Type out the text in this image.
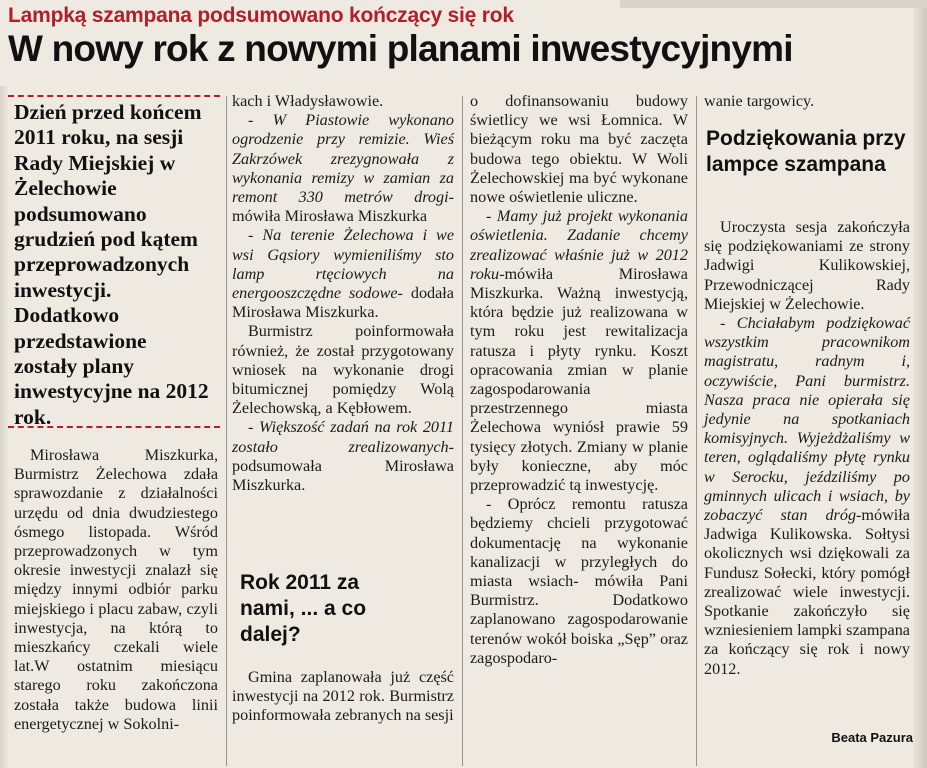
Lampką szampana podsumowano kończący się rok
W nowy rok z nowymi planami inwestycyjnymi
Dzień przed końcem 2011 roku, na sesji Rady Miejskiej w Żelechowie podsumowano grudzień pod kątem przeprowadzonych inwestycji. Dodatkowo przedstawione zostały plany inwestycyjne na 2012 rok.

Mirosława Miszkurka, Burmistrz Żelechowa zdała sprawozdanie z działalności urzędu od dnia dwudziestego ósmego listopada. Wśród przeprowadzonych w tym okresie inwestycji znalazł się między innymi odbiór parku miejskiego i placu zabaw, czyli inwestycja, na którą to mieszkańcy czekali wiele lat.W ostatnim miesiącu starego roku zakończona została także budowa linii energetycznej w Sokolni-

kach i Władysławowie.

- W Piastowie wykonano ogrodzenie przy remizie. Wieś Zakrzówek zrezygnowała z wykonania remizy w zamian za remont 330 metrów drogi- mówiła Mirosława Miszkurka

- Na terenie Żelechowa i we wsi Gąsiory wymieniliśmy sto lamp rtęciowych na energooszczędne sodowe- dodała Mirosława Miszkurka.

Burmistrz poinformowała również, że został przygotowany wniosek na wykonanie drogi bitumicznej pomiędzy Wolą Żelechowską, a Kębłowem.

- Większość zadań na rok 2011 zostało zrealizowanych- podsumowała Mirosława Miszkurka.

Rok 2011 za nami, ... a co dalej?

Gmina zaplanowała już część inwestycji na 2012 rok. Burmistrz poinformowała zebranych na sesji

o dofinansowaniu budowy świetlicy we wsi Łomnica. W bieżącym roku ma być zaczęta budowa tego obiektu. W Woli Żelechowskiej ma być wykonane nowe oświetlenie uliczne.

- Mamy już projekt wykonania oświetlenia. Zadanie chcemy zrealizować właśnie już w 2012 roku-mówiła Mirosława Miszkurka. Ważną inwestycją, która będzie już realizowana w tym roku jest rewitalizacja ratusza i płyty rynku. Koszt opracowania zmian w planie zagospodarowania przestrzennego miasta Żelechowa wyniósł prawie 59 tysięcy złotych. Zmiany w planie były konieczne, aby móc przeprowadzić tą inwestycję.

- Oprócz remontu ratusza będziemy chcieli przygotować dokumentację na wykonanie kanalizacji w przyległych do miasta wsiach- mówiła Pani Burmistrz. Dodatkowo zaplanowano zagospodarowanie terenów wokół boiska „Sęp” oraz zagospodaro-

wanie targowicy.

Podziękowania przy lampce szampana

Uroczysta sesja zakończyła się podziękowaniami ze strony Jadwigi Kulikowskiej, Przewodniczącej Rady Miejskiej w Żelechowie.

- Chciałabym podziękować wszystkim pracownikom magistratu, radnym i, oczywiście, Pani burmistrz. Nasza praca nie opierała się jedynie na spotkaniach komisyjnych. Wyjeżdżaliśmy w teren, oglądaliśmy płytę rynku w Serocku, jeździliśmy po gminnych ulicach i wsiach, by zobaczyć stan dróg-mówiła Jadwiga Kulikowska. Sołtysi okolicznych wsi dziękowali za Fundusz Sołecki, który pomógł zrealizować wiele inwestycji. Spotkanie zakończyło się wzniesieniem lampki szampana za kończący się rok i nowy 2012.

Beata Pazura
